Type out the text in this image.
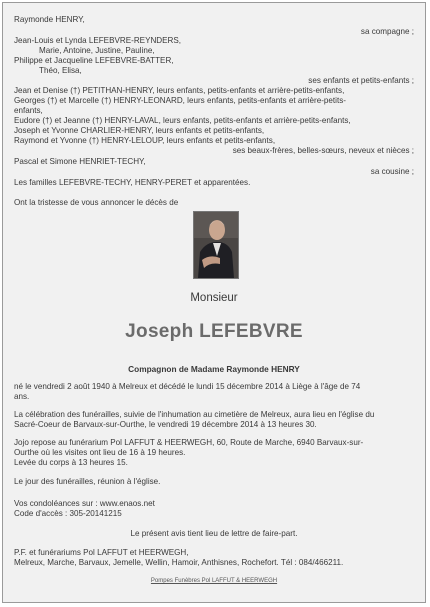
Raymonde HENRY,
sa compagne ;
Jean-Louis et Lynda LEFEBVRE-REYNDERS,
Marie, Antoine, Justine, Pauline,
Philippe et Jacqueline LEFEBVRE-BATTER,
Théo, Elisa,
ses enfants et petits-enfants ;
Jean et Denise (†) PETITHAN-HENRY, leurs enfants, petits-enfants et arrière-petits-enfants,
Georges (†) et Marcelle (†) HENRY-LEONARD, leurs enfants, petits-enfants et arrière-petits-
enfants,
Eudore (†) et Jeanne (†) HENRY-LAVAL, leurs enfants, petits-enfants et arrière-petits-enfants,
Joseph et Yvonne CHARLIER-HENRY, leurs enfants et petits-enfants,
Raymond et Yvonne (†) HENRY-LELOUP, leurs enfants et petits-enfants,
ses beaux-frères, belles-sœurs, neveux et nièces ;
Pascal et Simone HENRIET-TECHY,
sa cousine ;
Les familles LEFEBVRE-TECHY, HENRY-PERET et apparentées.
Ont la tristesse de vous annoncer le décès de
Monsieur
Joseph LEFEBVRE
Compagnon de Madame Raymonde HENRY
né le vendredi 2 août 1940 à Melreux et décédé le lundi 15 décembre 2014 à Liège à l'âge de 74
ans.
La célébration des funérailles, suivie de l'inhumation au cimetière de Melreux, aura lieu en l'église du
Sacré-Coeur de Barvaux-sur-Ourthe, le vendredi 19 décembre 2014 à 13 heures 30.
Jojo repose au funérarium Pol LAFFUT & HEERWEGH, 60, Route de Marche, 6940 Barvaux-sur-
Ourthe où les visites ont lieu de 16 à 19 heures.
Levée du corps à 13 heures 15.
Le jour des funérailles, réunion à l'église.
Vos condoléances sur : www.enaos.net
Code d'accès : 305-20141215
Le présent avis tient lieu de lettre de faire-part.
P.F. et funérariums Pol LAFFUT et HEERWEGH,
Melreux, Marche, Barvaux, Jemelle, Wellin, Hamoir, Anthisnes, Rochefort. Tél : 084/466211.
Pompes Funèbres Pol LAFFUT & HEERWEGH
